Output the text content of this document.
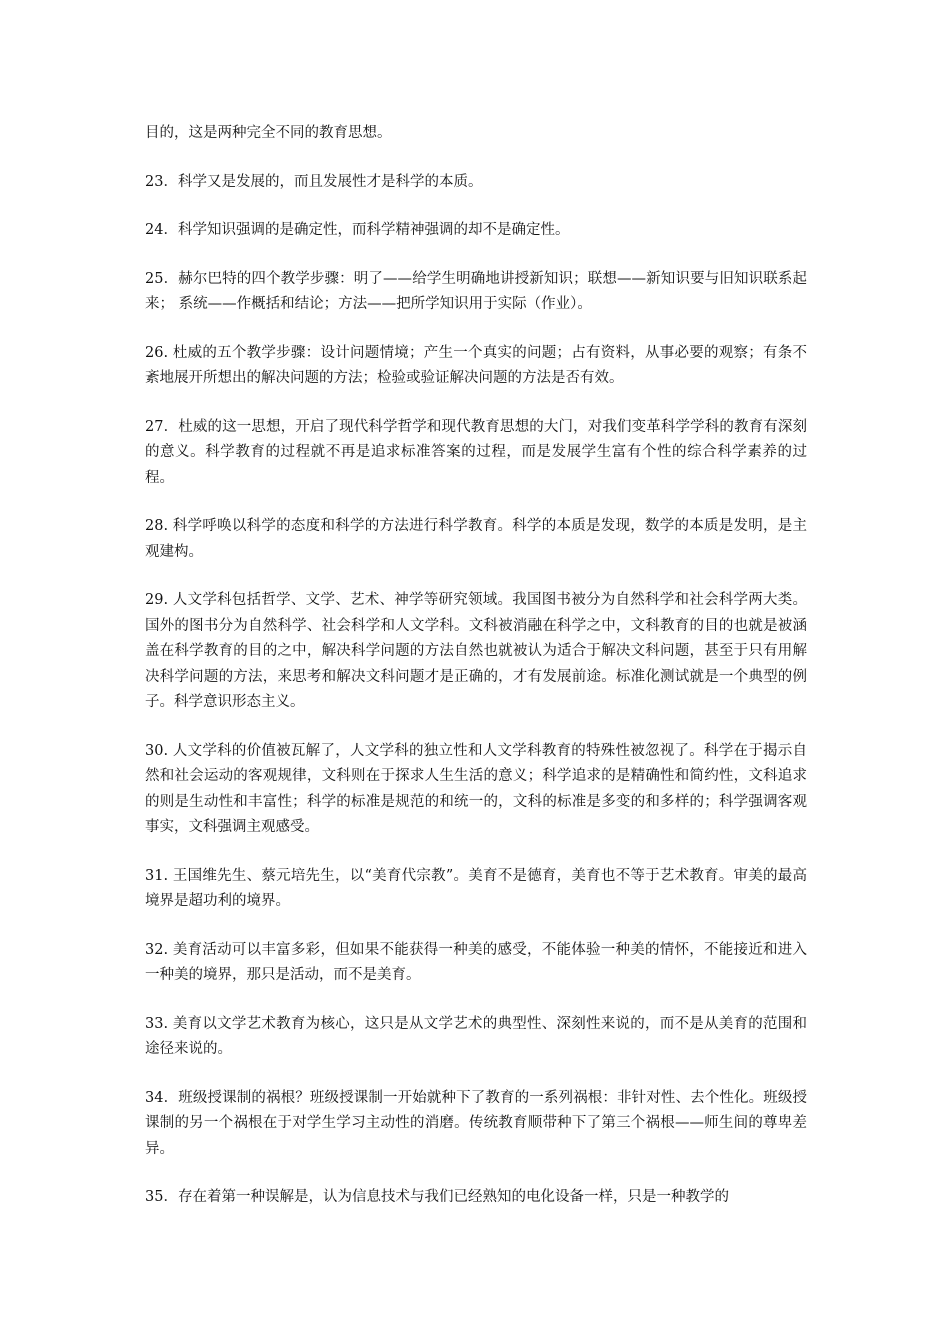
目的，这是两种完全不同的教育思想。

23．科学又是发展的，而且发展性才是科学的本质。

24．科学知识强调的是确定性，而科学精神强调的却不是确定性。

25．赫尔巴特的四个教学步骤：明了——给学生明确地讲授新知识；联想——新知识要与旧知识联系起来； 系统——作概括和结论；方法——把所学知识用于实际（作业）。

26. 杜威的五个教学步骤：设计问题情境；产生一个真实的问题；占有资料，从事必要的观察；有条不紊地展开所想出的解决问题的方法；检验或验证解决问题的方法是否有效。

27．杜威的这一思想，开启了现代科学哲学和现代教育思想的大门，对我们变革科学学科的教育有深刻的意义。科学教育的过程就不再是追求标准答案的过程，而是发展学生富有个性的综合科学素养的过程。

28. 科学呼唤以科学的态度和科学的方法进行科学教育。科学的本质是发现，数学的本质是发明，是主观建构。

29. 人文学科包括哲学、文学、艺术、神学等研究领域。我国图书被分为自然科学和社会科学两大类。国外的图书分为自然科学、社会科学和人文学科。文科被消融在科学之中，文科教育的目的也就是被涵盖在科学教育的目的之中，解决科学问题的方法自然也就被认为适合于解决文科问题，甚至于只有用解决科学问题的方法，来思考和解决文科问题才是正确的，才有发展前途。标准化测试就是一个典型的例子。科学意识形态主义。

30. 人文学科的价值被瓦解了，人文学科的独立性和人文学科教育的特殊性被忽视了。科学在于揭示自然和社会运动的客观规律，文科则在于探求人生生活的意义；科学追求的是精确性和简约性，文科追求的则是生动性和丰富性；科学的标准是规范的和统一的，文科的标准是多变的和多样的；科学强调客观事实，文科强调主观感受。

31. 王国维先生、蔡元培先生，以“美育代宗教”。美育不是德育，美育也不等于艺术教育。审美的最高境界是超功利的境界。

32. 美育活动可以丰富多彩，但如果不能获得一种美的感受，不能体验一种美的情怀，不能接近和进入一种美的境界，那只是活动，而不是美育。

33. 美育以文学艺术教育为核心，这只是从文学艺术的典型性、深刻性来说的，而不是从美育的范围和途径来说的。

34．班级授课制的祸根？班级授课制一开始就种下了教育的一系列祸根：非针对性、去个性化。班级授课制的另一个祸根在于对学生学习主动性的消磨。传统教育顺带种下了第三个祸根——师生间的尊卑差异。

35．存在着第一种误解是，认为信息技术与我们已经熟知的电化设备一样，只是一种教学的
